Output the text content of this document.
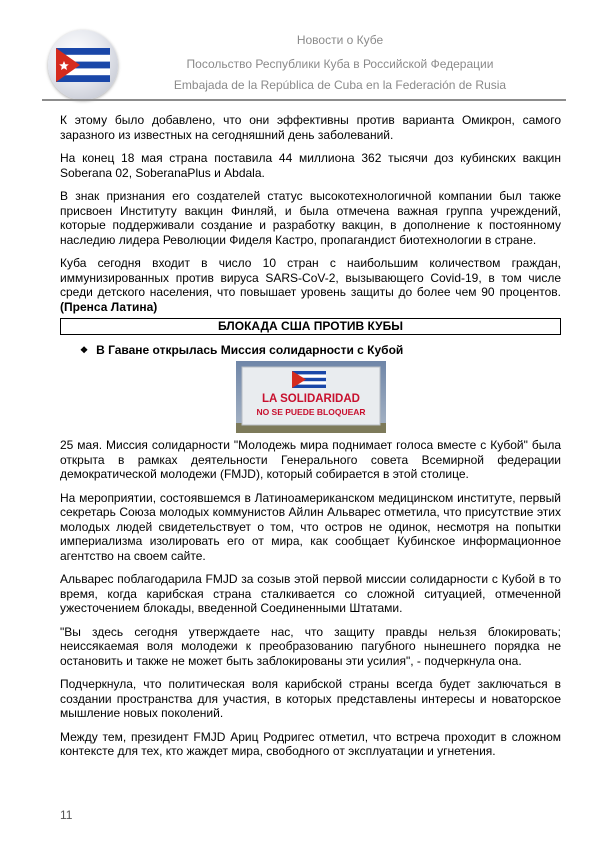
Новости о Кубе
Посольство Республики Куба в Российской Федерации
Embajada de la República de Cuba en la Federación de Rusia

К этому было добавлено, что они эффективны против варианта Омикрон, самого заразного из известных на сегодняшний день заболеваний.

На конец 18 мая страна поставила 44 миллиона 362 тысячи доз кубинских вакцин Soberana 02, SoberanaPlus и Abdala.

В знак признания его создателей статус высокотехнологичной компании был также присвоен Институту вакцин Финляй, и была отмечена важная группа учреждений, которые поддерживали создание и разработку вакцин, в дополнение к постоянному наследию лидера Революции Фиделя Кастро, пропагандист биотехнологии в стране.

Куба сегодня входит в число 10 стран с наибольшим количеством граждан, иммунизированных против вируса SARS-CoV-2, вызывающего Covid-19, в том числе среди детского населения, что повышает уровень защиты до более чем 90 процентов. (Пренса Латина)

БЛОКАДА США ПРОТИВ КУБЫ
❖ В Гаване открылась Миссия солидарности с Кубой
LA SOLIDARIDAD
NO SE PUEDE BLOQUEAR

25 мая. Миссия солидарности "Молодежь мира поднимает голоса вместе с Кубой" была открыта в рамках деятельности Генерального совета Всемирной федерации демократической молодежи (FMJD), который собирается в этой столице.

На мероприятии, состоявшемся в Латиноамериканском медицинском институте, первый секретарь Союза молодых коммунистов Айлин Альварес отметила, что присутствие этих молодых людей свидетельствует о том, что остров не одинок, несмотря на попытки империализма изолировать его от мира, как сообщает Кубинское информационное агентство на своем сайте.

Альварес поблагодарила FMJD за созыв этой первой миссии солидарности с Кубой в то время, когда карибская страна сталкивается со сложной ситуацией, отмеченной ужесточением блокады, введенной Соединенными Штатами.

"Вы здесь сегодня утверждаете нас, что защиту правды нельзя блокировать; неиссякаемая воля молодежи к преобразованию пагубного нынешнего порядка не остановить и также не может быть заблокированы эти усилия", - подчеркнула она.

Подчеркнула, что политическая воля карибской страны всегда будет заключаться в создании пространства для участия, в которых представлены интересы и новаторское мышление новых поколений.

Между тем, президент FMJD Ариц Родригес отметил, что встреча проходит в сложном контексте для тех, кто жаждет мира, свободного от эксплуатации и угнетения.

11
